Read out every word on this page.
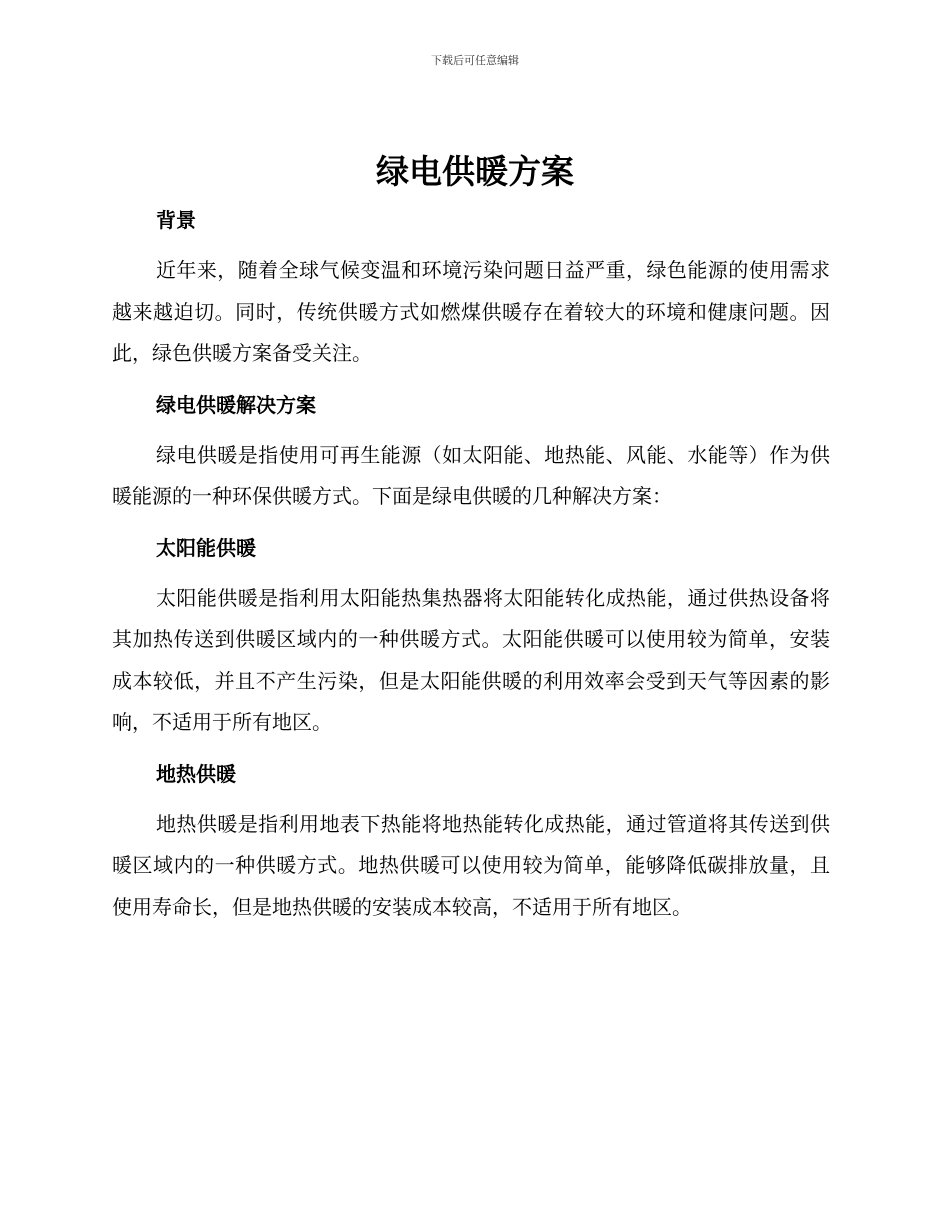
下载后可任意编辑
绿电供暖方案
背景

近年来，随着全球气候变温和环境污染问题日益严重，绿色能源的使用需求越来越迫切。同时，传统供暖方式如燃煤供暖存在着较大的环境和健康问题。因此，绿色供暖方案备受关注。

绿电供暖解决方案

绿电供暖是指使用可再生能源（如太阳能、地热能、风能、水能等）作为供暖能源的一种环保供暖方式。下面是绿电供暖的几种解决方案：

太阳能供暖

太阳能供暖是指利用太阳能热集热器将太阳能转化成热能，通过供热设备将其加热传送到供暖区域内的一种供暖方式。太阳能供暖可以使用较为简单，安装成本较低，并且不产生污染，但是太阳能供暖的利用效率会受到天气等因素的影响，不适用于所有地区。

地热供暖

地热供暖是指利用地表下热能将地热能转化成热能，通过管道将其传送到供暖区域内的一种供暖方式。地热供暖可以使用较为简单，能够降低碳排放量，且使用寿命长，但是地热供暖的安装成本较高，不适用于所有地区。
